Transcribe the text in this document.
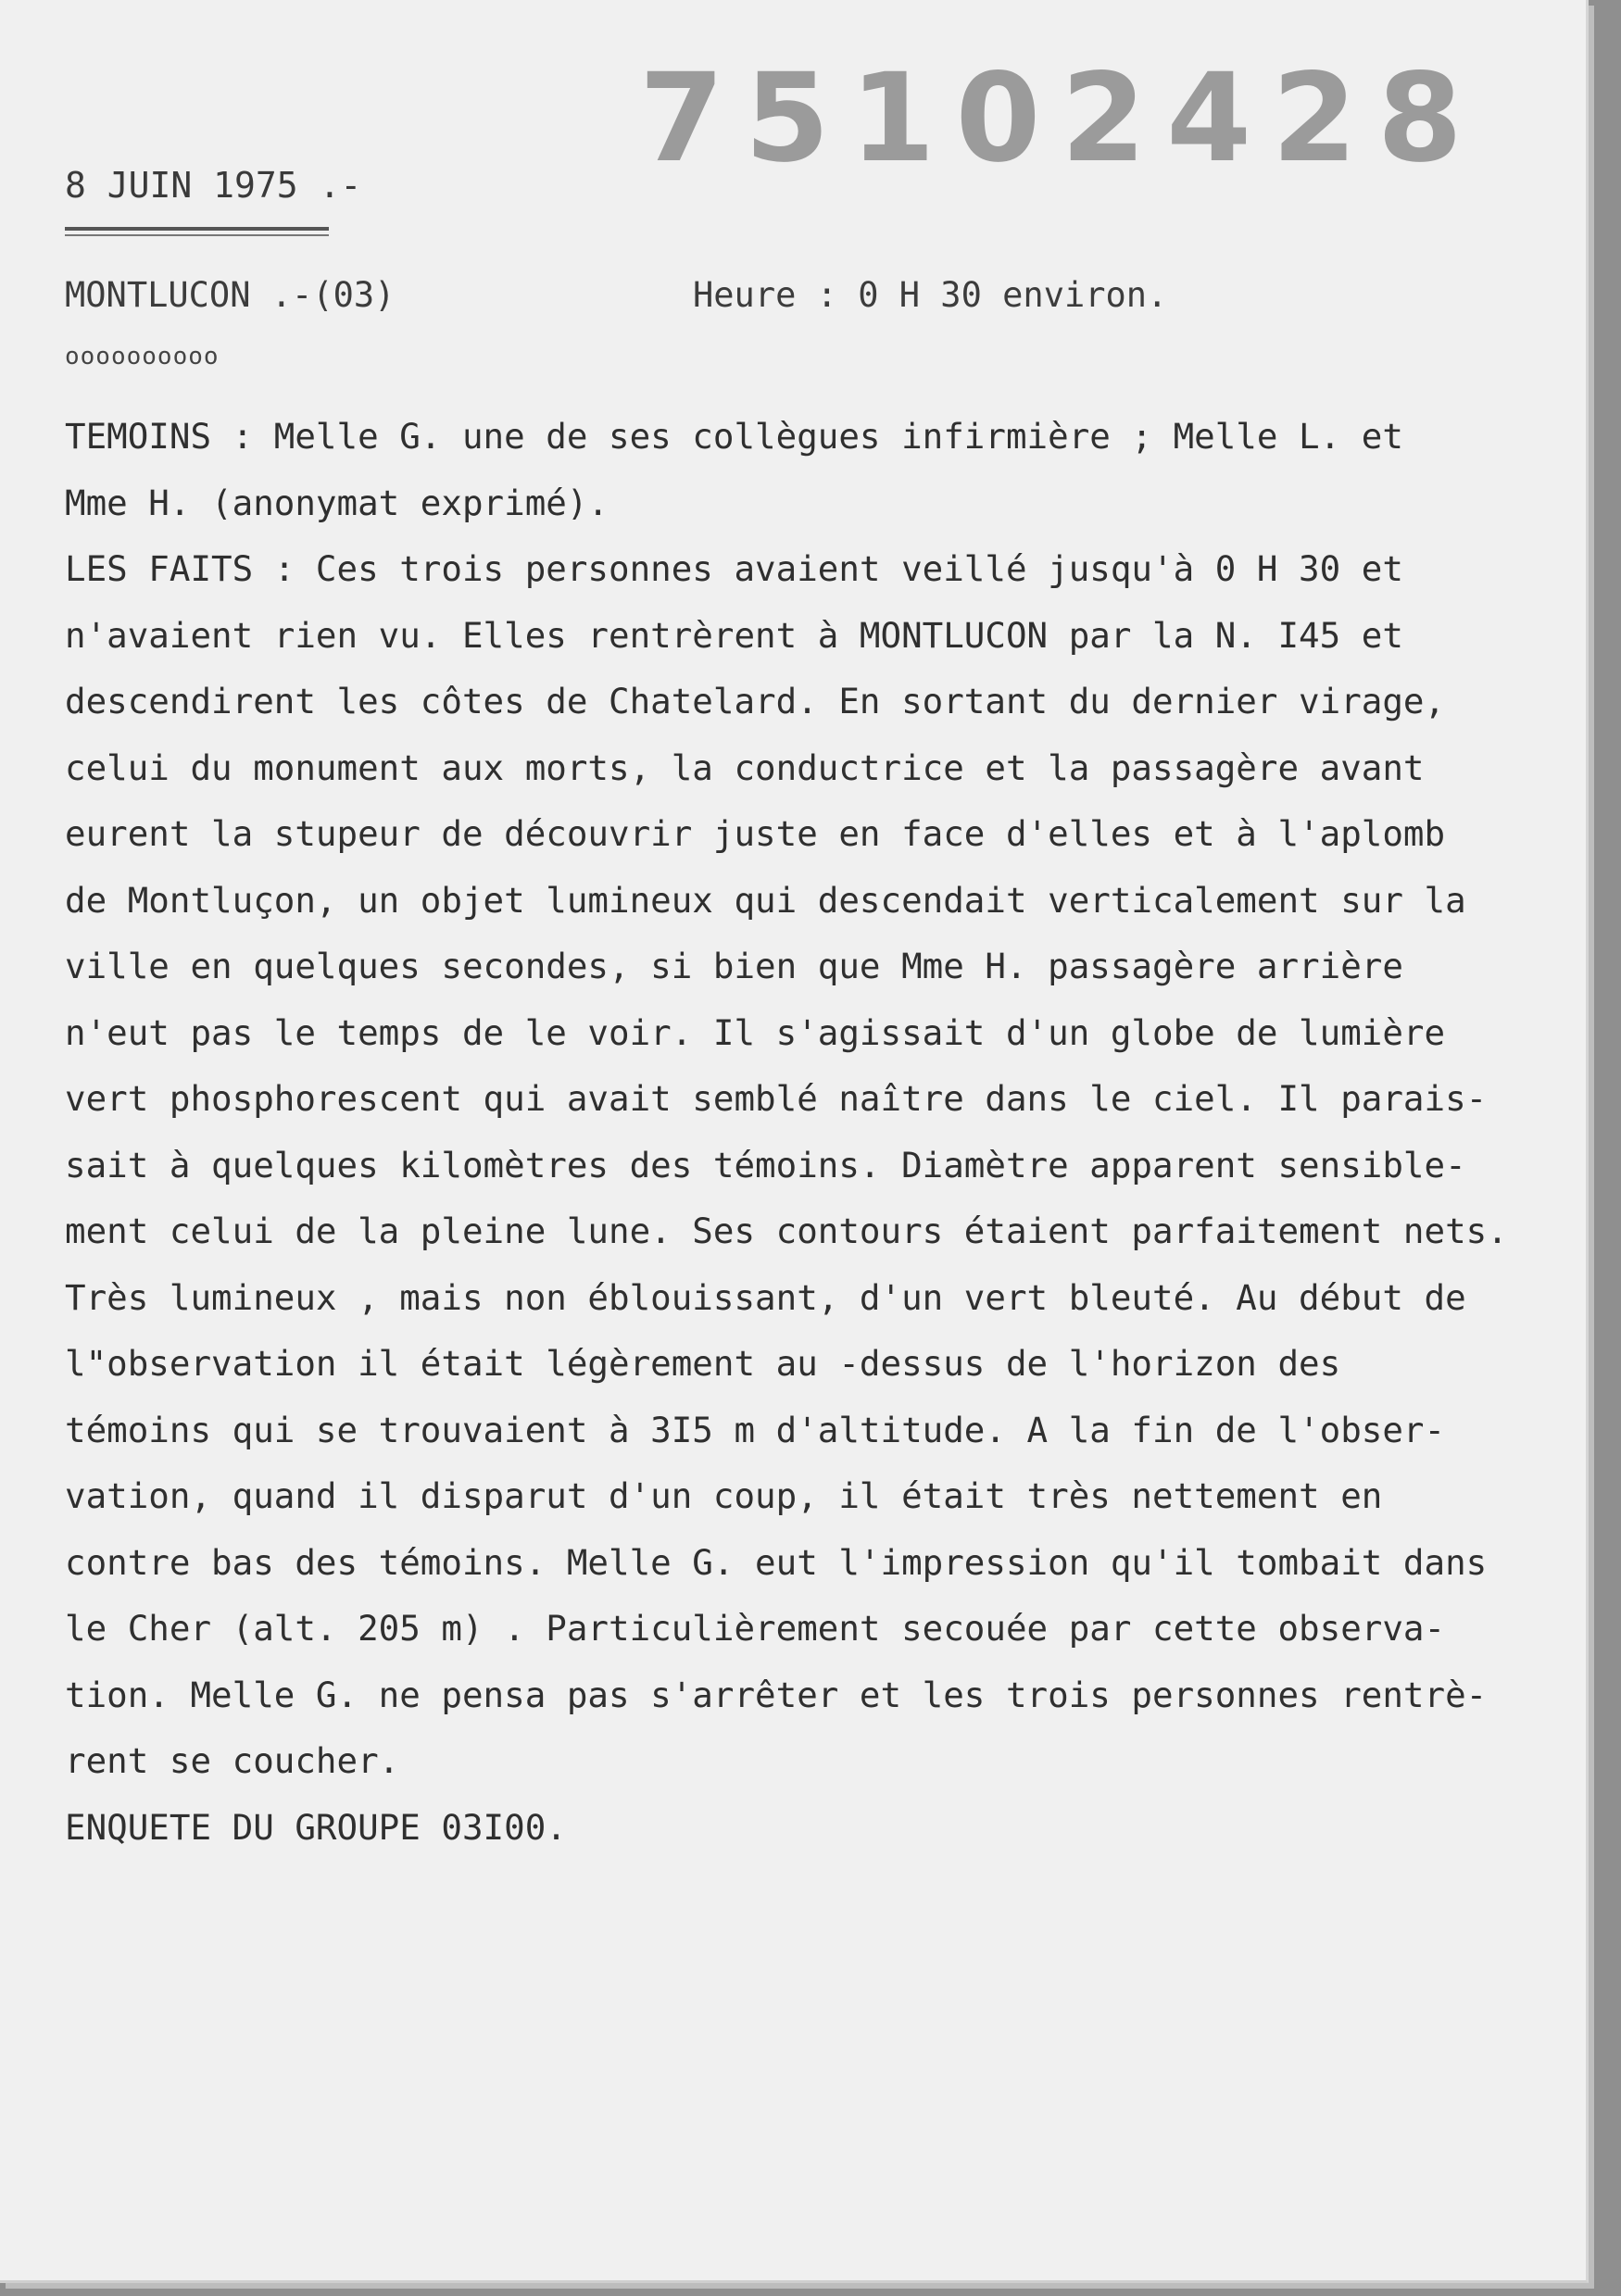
75102428
8 JUIN 1975 .-
MONTLUCON .-(03)	Heure : 0 H 30 environ.
oooooooooo
TEMOINS : Melle G. une de ses collègues infirmière ; Melle L. et
Mme H. (anonymat exprimé).
LES FAITS : Ces trois personnes avaient veillé jusqu'à 0 H 30 et
n'avaient rien vu. Elles rentrèrent à MONTLUCON par la N. I45 et
descendirent les côtes de Chatelard. En sortant du dernier virage,
celui du monument aux morts, la conductrice et la passagère avant
eurent la stupeur de découvrir juste en face d'elles et à l'aplomb
de Montluçon, un objet lumineux qui descendait verticalement sur la
ville en quelques secondes, si bien que Mme H. passagère arrière
n'eut pas le temps de le voir. Il s'agissait d'un globe de lumière
vert phosphorescent qui avait semblé naître dans le ciel. Il parais-
sait à quelques kilomètres des témoins. Diamètre apparent sensible-
ment celui de la pleine lune. Ses contours étaient parfaitement nets.
Très lumineux , mais non éblouissant, d'un vert bleuté. Au début de
l"observation il était légèrement au -dessus de l'horizon des
témoins qui se trouvaient à 3I5 m d'altitude. A la fin de l'obser-
vation, quand il disparut d'un coup, il était très nettement en
contre bas des témoins. Melle G. eut l'impression qu'il tombait dans
le Cher (alt. 205 m) . Particulièrement secouée par cette observa-
tion. Melle G. ne pensa pas s'arrêter et les trois personnes rentrè-
rent se coucher.
ENQUETE DU GROUPE 03I00.
